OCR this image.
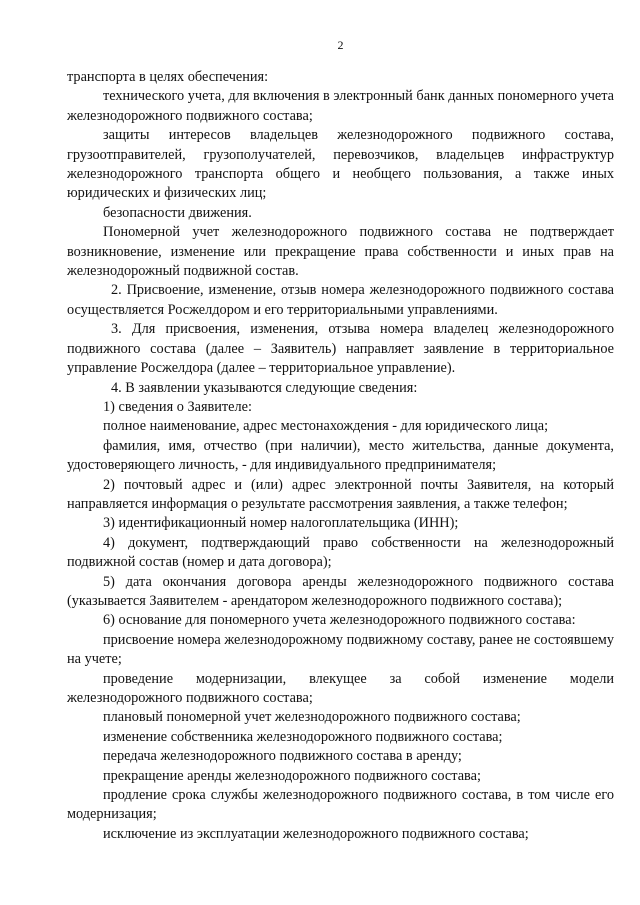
2

транспорта в целях обеспечения:

технического учета, для включения в электронный банк данных пономерного учета железнодорожного подвижного состава;

защиты интересов владельцев железнодорожного подвижного состава, грузоотправителей, грузополучателей, перевозчиков, владельцев инфраструктур железнодорожного транспорта общего и необщего пользования, а также иных юридических и физических лиц;

безопасности движения.

Пономерной учет железнодорожного подвижного состава не подтверждает возникновение, изменение или прекращение права собственности и иных прав на железнодорожный подвижной состав.

2. Присвоение, изменение, отзыв номера железнодорожного подвижного состава осуществляется Росжелдором и его территориальными управлениями.

3. Для присвоения, изменения, отзыва номера владелец железнодорожного подвижного состава (далее – Заявитель) направляет заявление в территориальное управление Росжелдора (далее – территориальное управление).

4. В заявлении указываются следующие сведения:

1) сведения о Заявителе:

полное наименование, адрес местонахождения - для юридического лица;

фамилия, имя, отчество (при наличии), место жительства, данные документа, удостоверяющего личность, - для индивидуального предпринимателя;

2) почтовый адрес и (или) адрес электронной почты Заявителя, на который направляется информация о результате рассмотрения заявления, а также телефон;

3) идентификационный номер налогоплательщика (ИНН);

4) документ, подтверждающий право собственности на железнодорожный подвижной состав (номер и дата договора);

5) дата окончания договора аренды железнодорожного подвижного состава (указывается Заявителем - арендатором железнодорожного подвижного состава);

6) основание для пономерного учета железнодорожного подвижного состава:

присвоение номера железнодорожному подвижному составу, ранее не состоявшему на учете;

проведение модернизации, влекущее за собой изменение модели железнодорожного подвижного состава;

плановый пономерной учет железнодорожного подвижного состава;

изменение собственника железнодорожного подвижного состава;

передача железнодорожного подвижного состава в аренду;

прекращение аренды железнодорожного подвижного состава;

продление срока службы железнодорожного подвижного состава, в том числе его модернизация;

исключение из эксплуатации железнодорожного подвижного состава;
